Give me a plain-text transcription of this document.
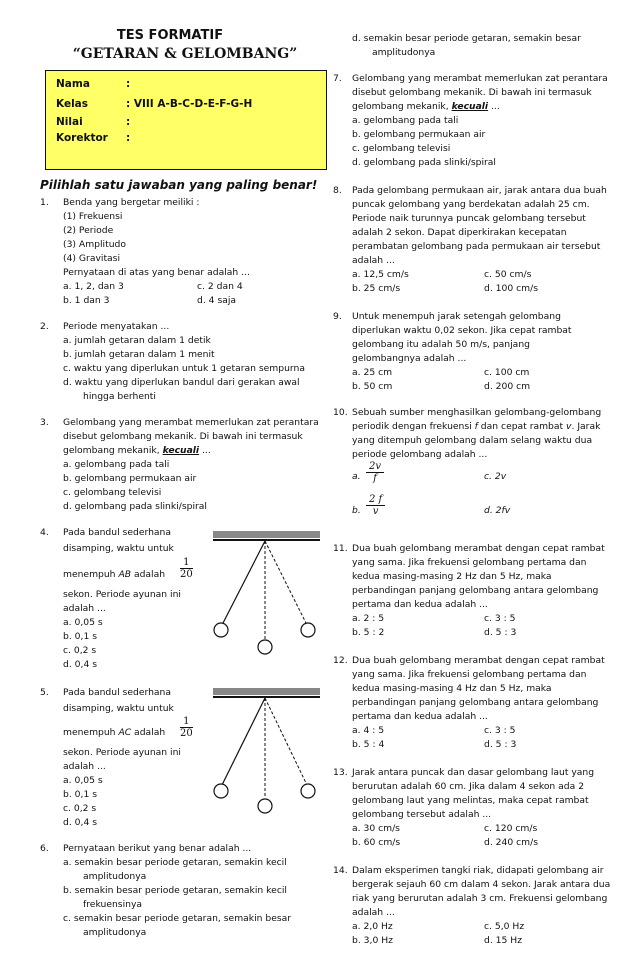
TES FORMATIF
“GETARAN & GELOMBANG”
Nama	:
Kelas	: VIII A-B-C-D-E-F-G-H
Nilai	:
Korektor	:
Pilihlah satu jawaban yang paling benar!
1. Benda yang bergetar meiliki :
(1) Frekuensi
(2) Periode
(3) Amplitudo
(4) Gravitasi
Pernyataan di atas yang benar adalah ...
a. 1, 2, dan 3	c. 2 dan 4
b. 1 dan 3	d. 4 saja
2. Periode menyatakan ...
a. jumlah getaran dalam 1 detik
b. jumlah getaran dalam 1 menit
c. waktu yang diperlukan untuk 1 getaran sempurna
d. waktu yang diperlukan bandul dari gerakan awal
hingga berhenti
3. Gelombang yang merambat memerlukan zat perantara
disebut gelombang mekanik. Di bawah ini termasuk
gelombang mekanik, kecuali ...
a. gelombang pada tali
b. gelombang permukaan air
c. gelombang televisi
d. gelombang pada slinki/spiral
4. Pada bandul sederhana
disamping, waktu untuk
menempuh AB adalah $\frac{1}{20}$
sekon. Periode ayunan ini
adalah ...
a. 0,05 s
b. 0,1 s
c. 0,2 s
d. 0,4 s
5. Pada bandul sederhana
disamping, waktu untuk
menempuh AC adalah $\frac{1}{20}$
sekon. Periode ayunan ini
adalah ...
a. 0,05 s
b. 0,1 s
c. 0,2 s
d. 0,4 s
6. Pernyataan berikut yang benar adalah ...
a. semakin besar periode getaran, semakin kecil
amplitudonya
b. semakin besar periode getaran, semakin kecil
frekuensinya
c. semakin besar periode getaran, semakin besar
amplitudonya
d. semakin besar periode getaran, semakin besar
amplitudonya
7. Gelombang yang merambat memerlukan zat perantara
disebut gelombang mekanik. Di bawah ini termasuk
gelombang mekanik, kecuali ...
a. gelombang pada tali
b. gelombang permukaan air
c. gelombang televisi
d. gelombang pada slinki/spiral
8. Pada gelombang permukaan air, jarak antara dua buah
puncak gelombang yang berdekatan adalah 25 cm.
Periode naik turunnya puncak gelombang tersebut
adalah 2 sekon. Dapat diperkirakan kecepatan
perambatan gelombang pada permukaan air tersebut
adalah ...
a. 12,5 cm/s	c. 50 cm/s
b. 25 cm/s	d. 100 cm/s
9. Untuk menempuh jarak setengah gelombang
diperlukan waktu 0,02 sekon. Jika cepat rambat
gelombang itu adalah 50 m/s, panjang
gelombangnya adalah ...
a. 25 cm	c. 100 cm
b. 50 cm	d. 200 cm
10. Sebuah sumber menghasilkan gelombang-gelombang
periodik dengan frekuensi f dan cepat rambat v. Jarak
yang ditempuh gelombang dalam selang waktu dua
periode gelombang adalah ...
a. $\frac{2v}{f}$	c. 2v
b. $\frac{2 f}{v}$	d. 2fv
11. Dua buah gelombang merambat dengan cepat rambat
yang sama. Jika frekuensi gelombang pertama dan
kedua masing-masing 2 Hz dan 5 Hz, maka
perbandingan panjang gelombang antara gelombang
pertama dan kedua adalah ...
a. 2 : 5	c. 3 : 5
b. 5 : 2	d. 5 : 3
12. Dua buah gelombang merambat dengan cepat rambat
yang sama. Jika frekuensi gelombang pertama dan
kedua masing-masing 4 Hz dan 5 Hz, maka
perbandingan panjang gelombang antara gelombang
pertama dan kedua adalah ...
a. 4 : 5	c. 3 : 5
b. 5 : 4	d. 5 : 3
13. Jarak antara puncak dan dasar gelombang laut yang
berurutan adalah 60 cm. Jika dalam 4 sekon ada 2
gelombang laut yang melintas, maka cepat rambat
gelombang tersebut adalah ...
a. 30 cm/s	c. 120 cm/s
b. 60 cm/s	d. 240 cm/s
14. Dalam eksperimen tangki riak, didapati gelombang air
bergerak sejauh 60 cm dalam 4 sekon. Jarak antara dua
riak yang berurutan adalah 3 cm. Frekuensi gelombang
adalah ...
a. 2,0 Hz	c. 5,0 Hz
b. 3,0 Hz	d. 15 Hz
